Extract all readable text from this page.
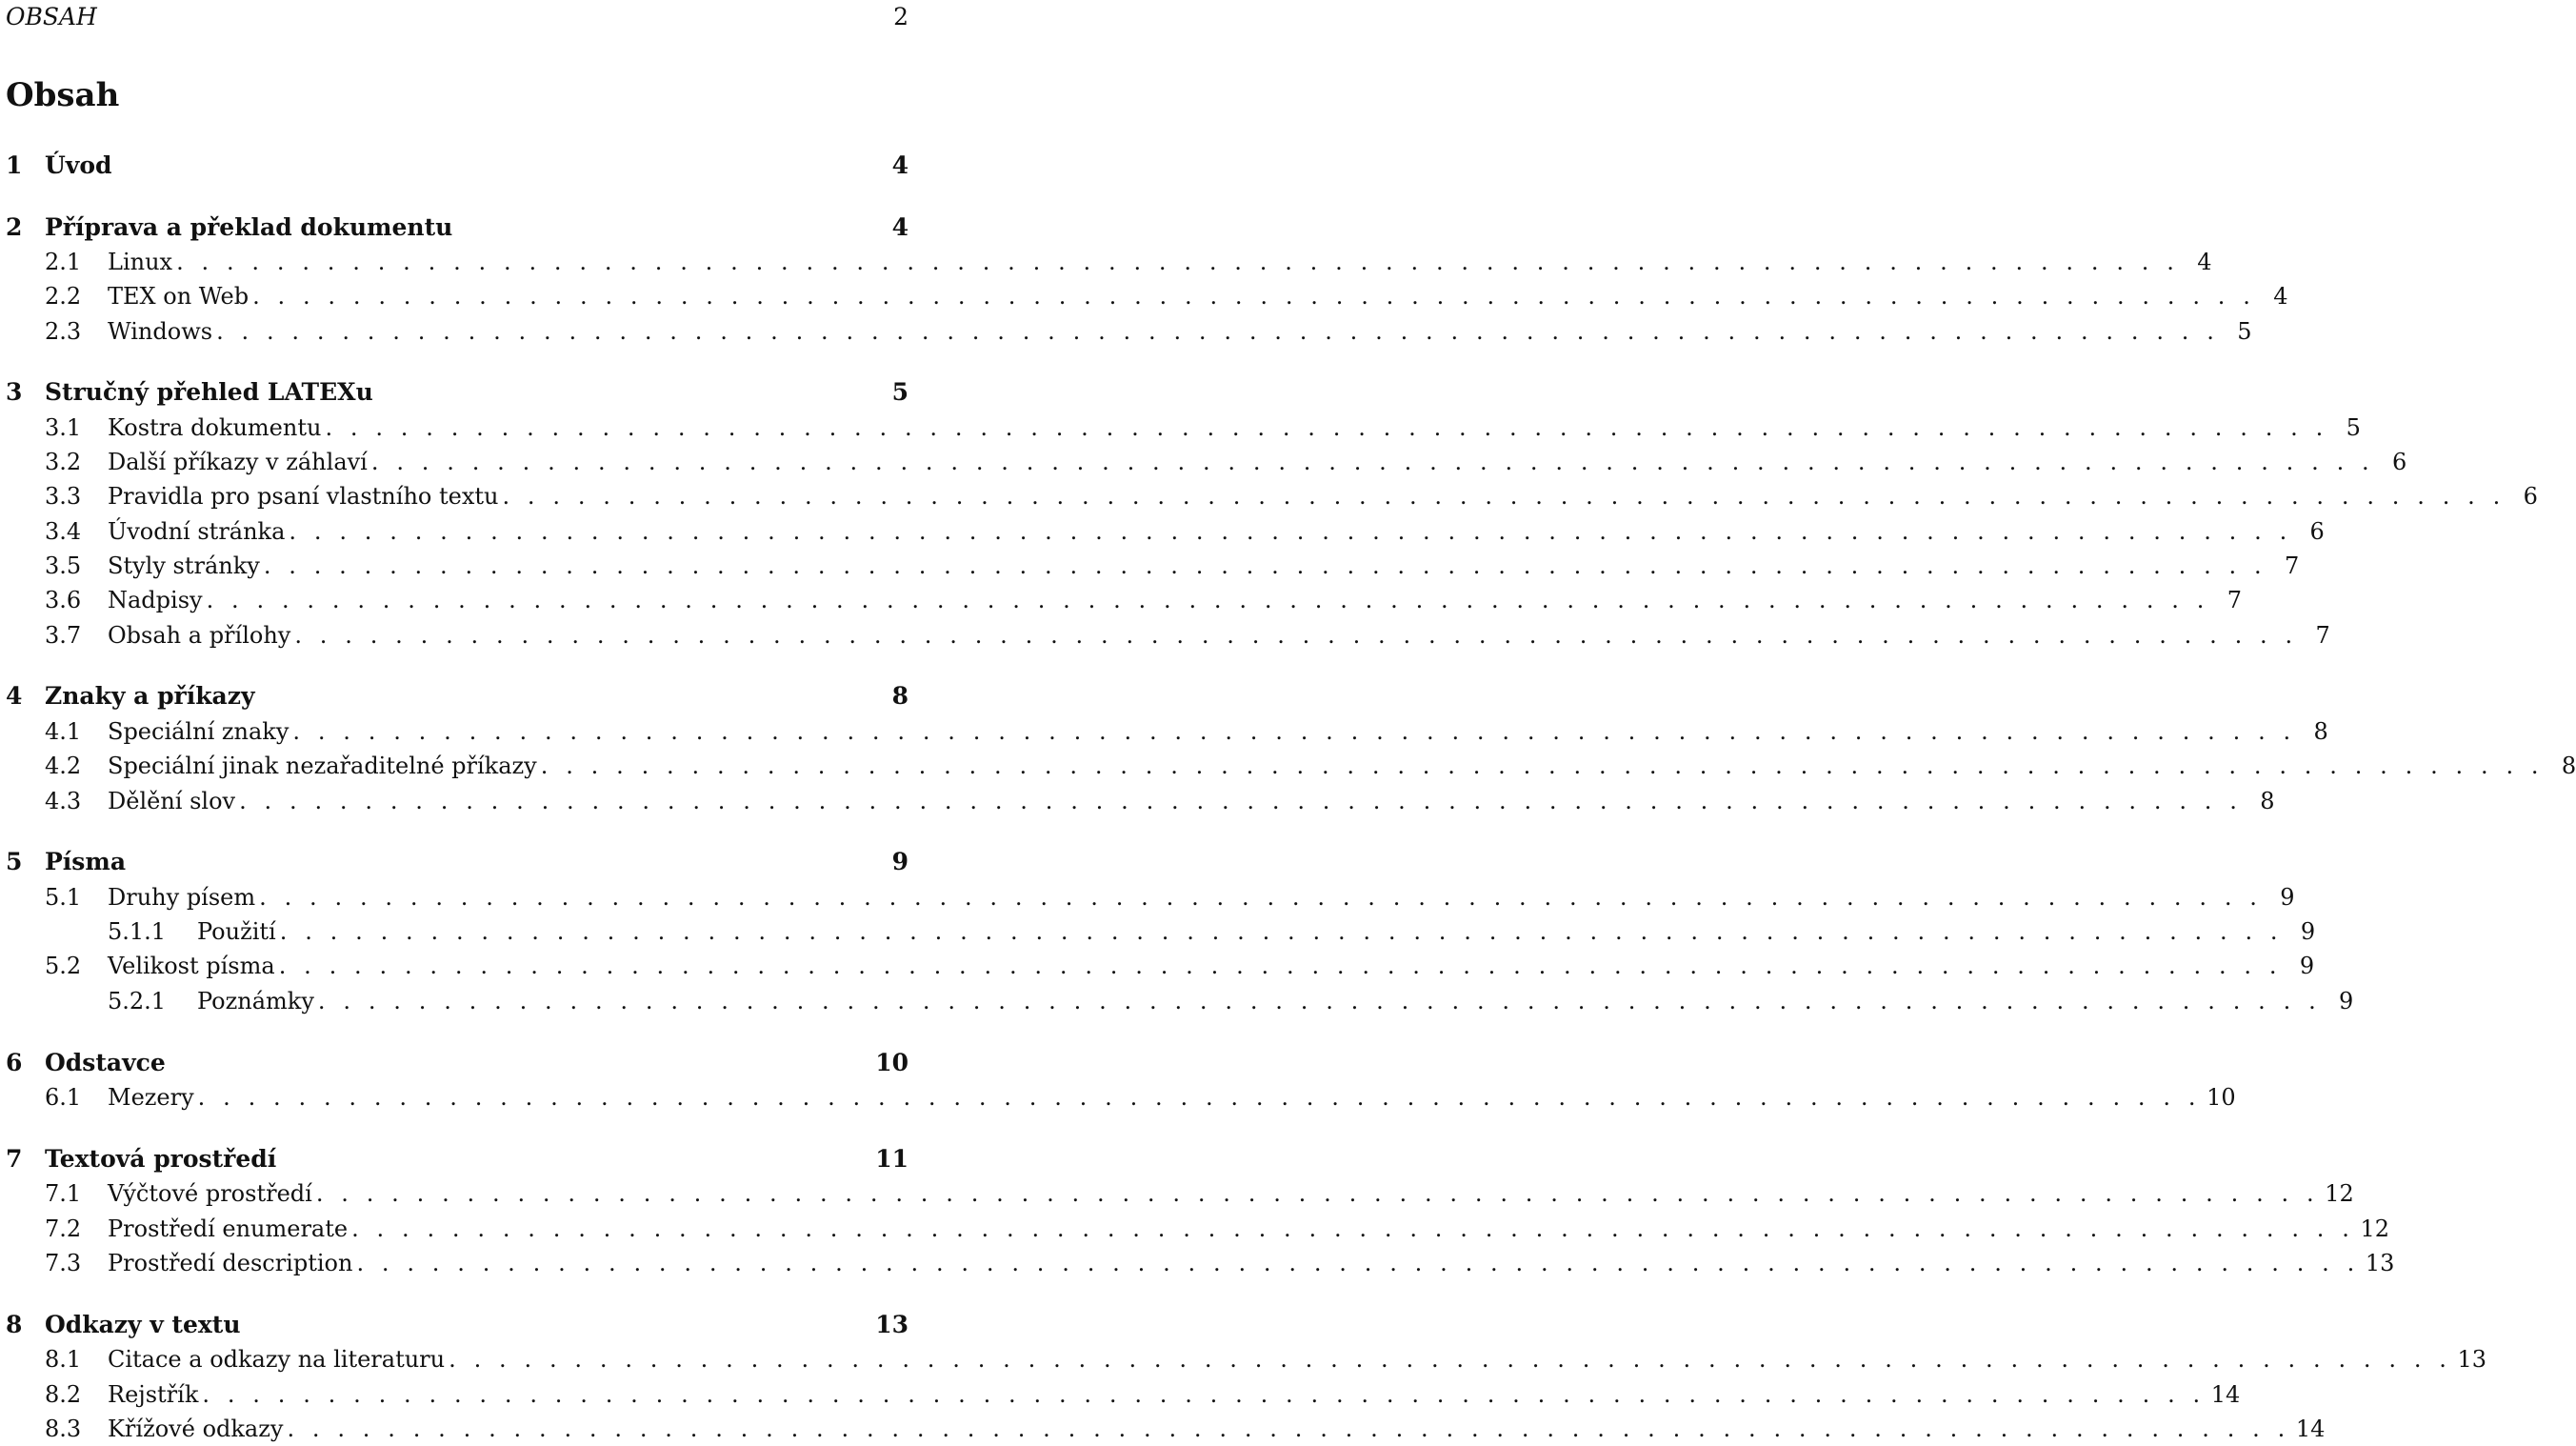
OBSAH	2
Obsah
1 Úvod	4
2 Příprava a překlad dokumentu	4
2.1	Linux . . . . . . . . . . . . . . . . . . . . . . . . . . . . . . . . . . . . . . . . . . . . . . . . . . . . . . . . . . . . . . . . . . . . . . . . . . . . . . . . 4
2.2	TEX on Web . . . . . . . . . . . . . . . . . . . . . . . . . . . . . . . . . . . . . . . . . . . . . . . . . . . . . . . . . . . . . . . . . . . . . . . . . . . . . . . . 4
2.3	Windows . . . . . . . . . . . . . . . . . . . . . . . . . . . . . . . . . . . . . . . . . . . . . . . . . . . . . . . . . . . . . . . . . . . . . . . . . . . . . . . . 5
3 Stručný přehled LATEXu	5
3.1	Kostra dokumentu . . . . . . . . . . . . . . . . . . . . . . . . . . . . . . . . . . . . . . . . . . . . . . . . . . . . . . . . . . . . . . . . . . . . . . . . . . . . . . . . 5
3.2	Další příkazy v záhlaví . . . . . . . . . . . . . . . . . . . . . . . . . . . . . . . . . . . . . . . . . . . . . . . . . . . . . . . . . . . . . . . . . . . . . . . . . . . . . . . . 6
3.3	Pravidla pro psaní vlastního textu . . . . . . . . . . . . . . . . . . . . . . . . . . . . . . . . . . . . . . . . . . . . . . . . . . . . . . . . . . . . . . . . . . . . . . . . . . . . . . . . 6
3.4	Úvodní stránka . . . . . . . . . . . . . . . . . . . . . . . . . . . . . . . . . . . . . . . . . . . . . . . . . . . . . . . . . . . . . . . . . . . . . . . . . . . . . . . . 6
3.5	Styly stránky . . . . . . . . . . . . . . . . . . . . . . . . . . . . . . . . . . . . . . . . . . . . . . . . . . . . . . . . . . . . . . . . . . . . . . . . . . . . . . . . 7
3.6	Nadpisy . . . . . . . . . . . . . . . . . . . . . . . . . . . . . . . . . . . . . . . . . . . . . . . . . . . . . . . . . . . . . . . . . . . . . . . . . . . . . . . . 7
3.7	Obsah a přílohy . . . . . . . . . . . . . . . . . . . . . . . . . . . . . . . . . . . . . . . . . . . . . . . . . . . . . . . . . . . . . . . . . . . . . . . . . . . . . . . . 7
4 Znaky a příkazy	8
4.1	Speciální znaky . . . . . . . . . . . . . . . . . . . . . . . . . . . . . . . . . . . . . . . . . . . . . . . . . . . . . . . . . . . . . . . . . . . . . . . . . . . . . . . . 8
4.2	Speciální jinak nezařaditelné příkazy . . . . . . . . . . . . . . . . . . . . . . . . . . . . . . . . . . . . . . . . . . . . . . . . . . . . . . . . . . . . . . . . . . . . . . . . . . . . . . . . 8
4.3	Dělění slov . . . . . . . . . . . . . . . . . . . . . . . . . . . . . . . . . . . . . . . . . . . . . . . . . . . . . . . . . . . . . . . . . . . . . . . . . . . . . . . . 8
5 Písma	9
5.1	Druhy písem . . . . . . . . . . . . . . . . . . . . . . . . . . . . . . . . . . . . . . . . . . . . . . . . . . . . . . . . . . . . . . . . . . . . . . . . . . . . . . . . 9
5.1.1	Použití . . . . . . . . . . . . . . . . . . . . . . . . . . . . . . . . . . . . . . . . . . . . . . . . . . . . . . . . . . . . . . . . . . . . . . . . . . . . . . . . 9
5.2	Velikost písma . . . . . . . . . . . . . . . . . . . . . . . . . . . . . . . . . . . . . . . . . . . . . . . . . . . . . . . . . . . . . . . . . . . . . . . . . . . . . . . . 9
5.2.1	Poznámky . . . . . . . . . . . . . . . . . . . . . . . . . . . . . . . . . . . . . . . . . . . . . . . . . . . . . . . . . . . . . . . . . . . . . . . . . . . . . . . . 9
6 Odstavce	10
6.1	Mezery . . . . . . . . . . . . . . . . . . . . . . . . . . . . . . . . . . . . . . . . . . . . . . . . . . . . . . . . . . . . . . . . . . . . . . . . . . . . . . . . 10
7 Textová prostředí	11
7.1	Výčtové prostředí . . . . . . . . . . . . . . . . . . . . . . . . . . . . . . . . . . . . . . . . . . . . . . . . . . . . . . . . . . . . . . . . . . . . . . . . . . . . . . . . 12
7.2	Prostředí enumerate . . . . . . . . . . . . . . . . . . . . . . . . . . . . . . . . . . . . . . . . . . . . . . . . . . . . . . . . . . . . . . . . . . . . . . . . . . . . . . . . 12
7.3	Prostředí description . . . . . . . . . . . . . . . . . . . . . . . . . . . . . . . . . . . . . . . . . . . . . . . . . . . . . . . . . . . . . . . . . . . . . . . . . . . . . . . . 13
8 Odkazy v textu	13
8.1	Citace a odkazy na literaturu . . . . . . . . . . . . . . . . . . . . . . . . . . . . . . . . . . . . . . . . . . . . . . . . . . . . . . . . . . . . . . . . . . . . . . . . . . . . . . . . 13
8.2	Rejstřík . . . . . . . . . . . . . . . . . . . . . . . . . . . . . . . . . . . . . . . . . . . . . . . . . . . . . . . . . . . . . . . . . . . . . . . . . . . . . . . . 14
8.3	Křížové odkazy . . . . . . . . . . . . . . . . . . . . . . . . . . . . . . . . . . . . . . . . . . . . . . . . . . . . . . . . . . . . . . . . . . . . . . . . . . . . . . . . 14
